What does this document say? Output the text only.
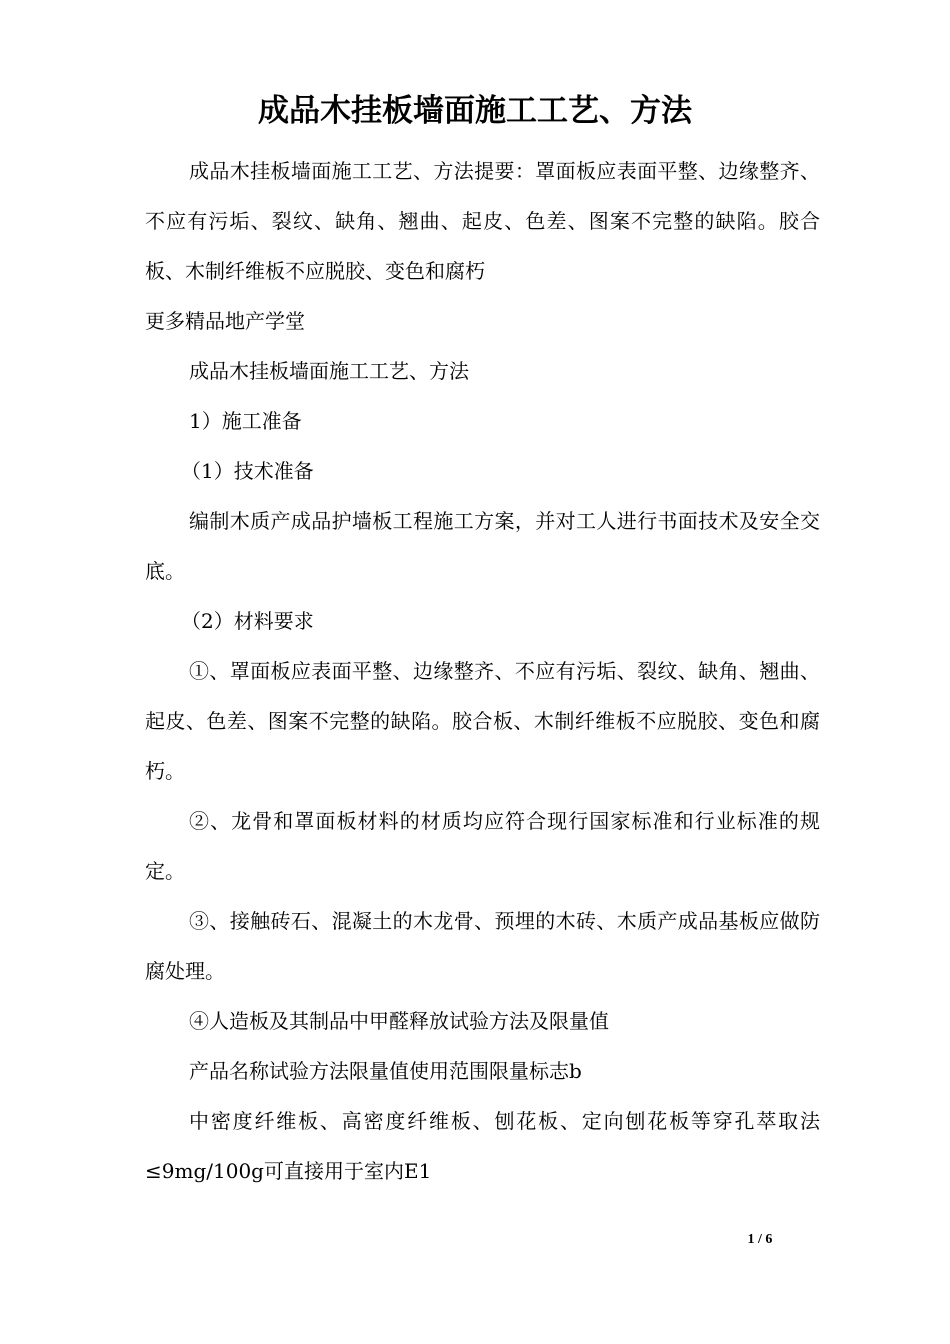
成品木挂板墙面施工工艺、方法

成品木挂板墙面施工工艺、方法提要：罩面板应表面平整、边缘整齐、不应有污垢、裂纹、缺角、翘曲、起皮、色差、图案不完整的缺陷。胶合板、木制纤维板不应脱胶、变色和腐朽

更多精品地产学堂

成品木挂板墙面施工工艺、方法

1）施工准备

（1）技术准备

编制木质产成品护墙板工程施工方案，并对工人进行书面技术及安全交底。

（2）材料要求

①、罩面板应表面平整、边缘整齐、不应有污垢、裂纹、缺角、翘曲、起皮、色差、图案不完整的缺陷。胶合板、木制纤维板不应脱胶、变色和腐朽。

②、龙骨和罩面板材料的材质均应符合现行国家标准和行业标准的规定。

③、接触砖石、混凝土的木龙骨、预埋的木砖、木质产成品基板应做防腐处理。

④人造板及其制品中甲醛释放试验方法及限量值

产品名称试验方法限量值使用范围限量标志b

中密度纤维板、高密度纤维板、刨花板、定向刨花板等穿孔萃取法≤9mg/100g可直接用于室内E1

1 / 6
